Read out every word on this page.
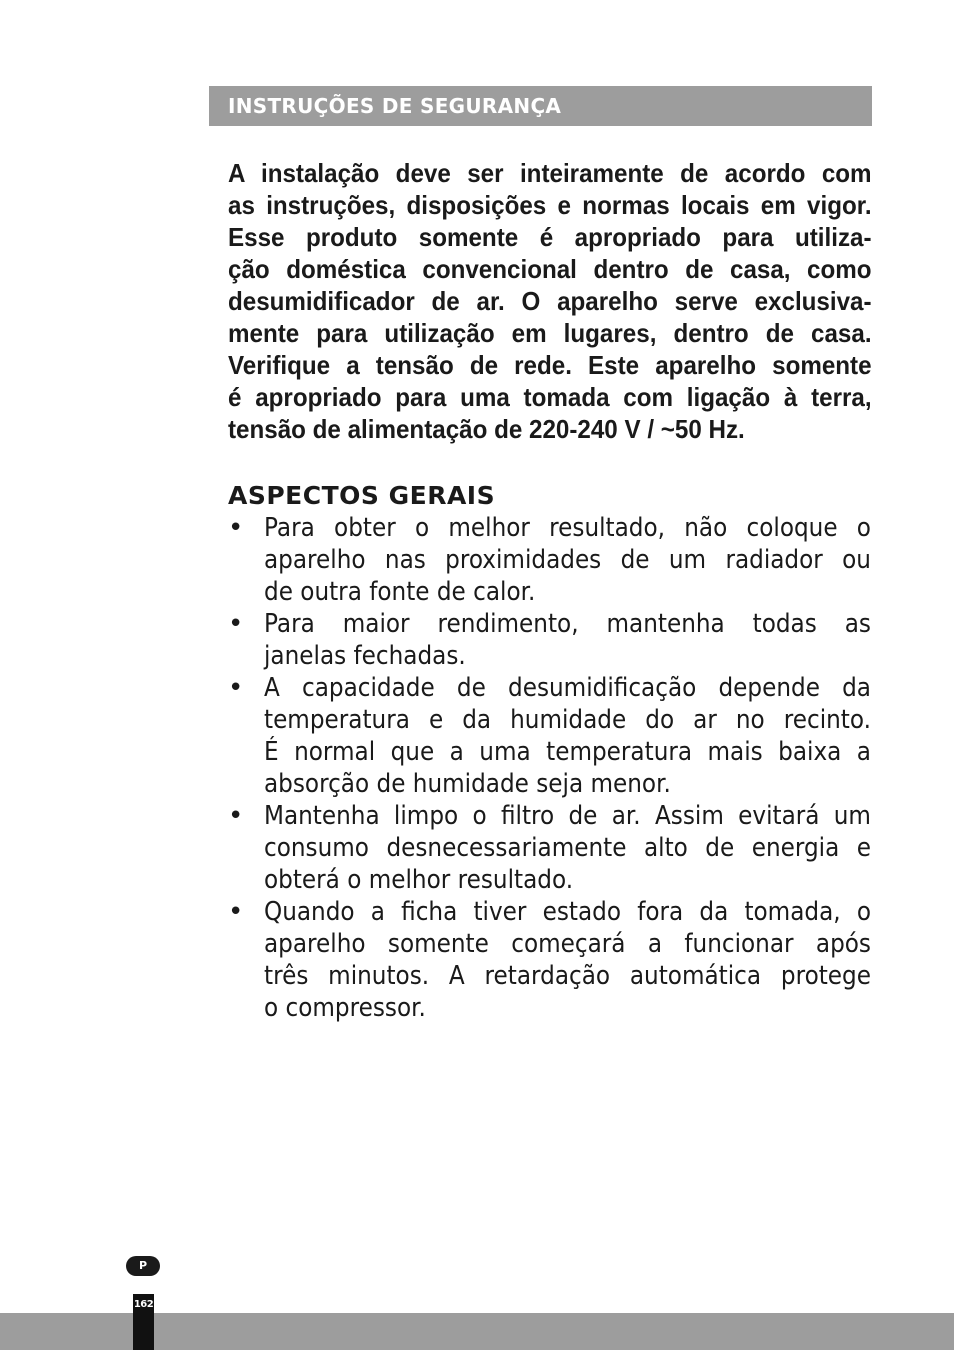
INSTRUÇÕES DE SEGURANÇA

A instalação deve ser inteiramente de acordo com
as instruções, disposições e normas locais em vigor.
Esse produto somente é apropriado para utiliza-
ção doméstica convencional dentro de casa, como
desumidificador de ar. O aparelho serve exclusiva-
mente para utilização em lugares, dentro de casa.
Verifique a tensão de rede. Este aparelho somente
é apropriado para uma tomada com ligação à terra,
tensão de alimentação de 220-240 V / ~50 Hz.

ASPECTOS GERAIS
• Para obter o melhor resultado, não coloque o
aparelho nas proximidades de um radiador ou
de outra fonte de calor.
• Para maior rendimento, mantenha todas as
janelas fechadas.
• A capacidade de desumidificação depende da
temperatura e da humidade do ar no recinto.
É normal que a uma temperatura mais baixa a
absorção de humidade seja menor.
• Mantenha limpo o filtro de ar. Assim evitará um
consumo desnecessariamente alto de energia e
obterá o melhor resultado.
• Quando a ficha tiver estado fora da tomada, o
aparelho somente começará a funcionar após
três minutos. A retardação automática protege
o compressor.
P
162
